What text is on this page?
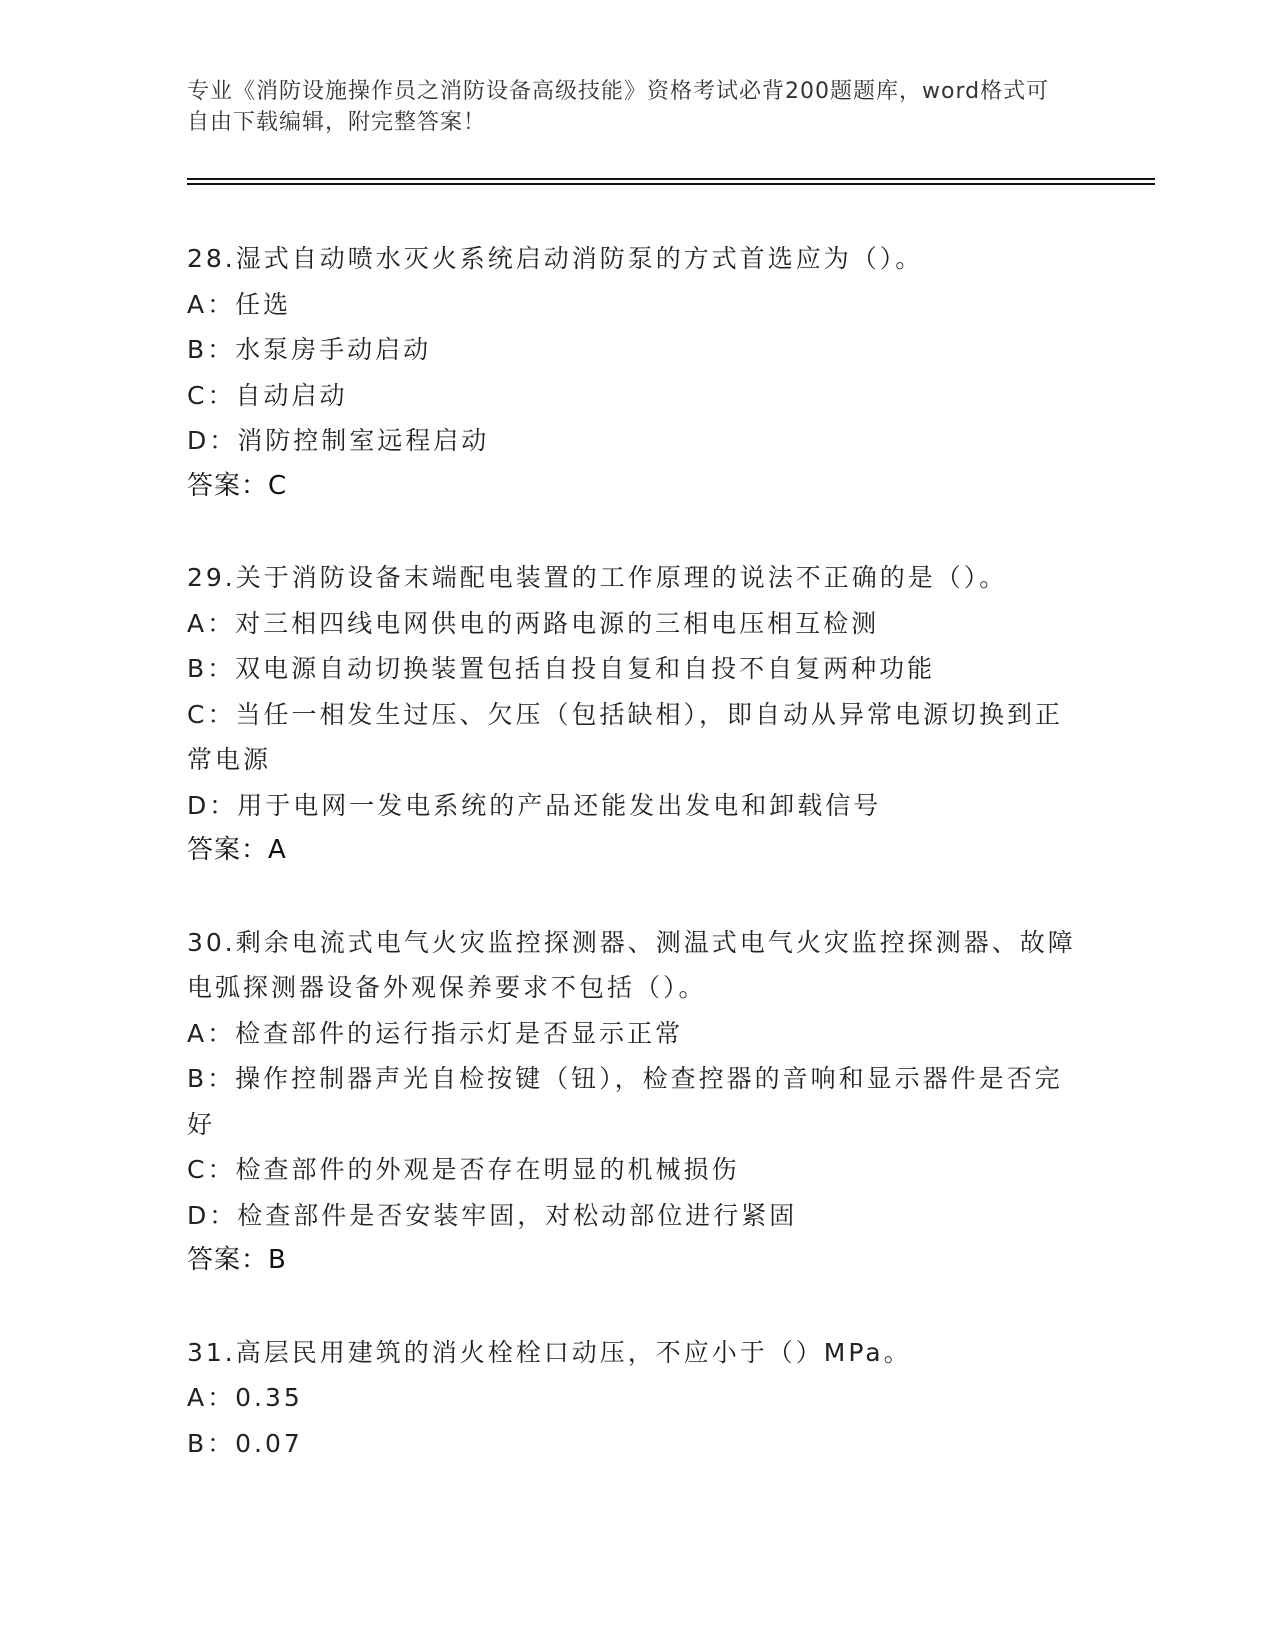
专业《消防设施操作员之消防设备高级技能》资格考试必背200题题库，word格式可自由下载编辑，附完整答案！
28.湿式自动喷水灭火系统启动消防泵的方式首选应为（）。
A：任选
B：水泵房手动启动
C：自动启动
D：消防控制室远程启动
答案：C
29.关于消防设备末端配电装置的工作原理的说法不正确的是（）。
A：对三相四线电网供电的两路电源的三相电压相互检测
B：双电源自动切换装置包括自投自复和自投不自复两种功能
C：当任一相发生过压、欠压（包括缺相），即自动从异常电源切换到正常电源
D：用于电网一发电系统的产品还能发出发电和卸载信号
答案：A
30.剩余电流式电气火灾监控探测器、测温式电气火灾监控探测器、故障电弧探测器设备外观保养要求不包括（）。
A：检查部件的运行指示灯是否显示正常
B：操作控制器声光自检按键（钮），检查控器的音响和显示器件是否完好
C：检查部件的外观是否存在明显的机械损伤
D：检查部件是否安装牢固，对松动部位进行紧固
答案：B
31.高层民用建筑的消火栓栓口动压，不应小于（）MPa。
A：0.35
B：0.07
